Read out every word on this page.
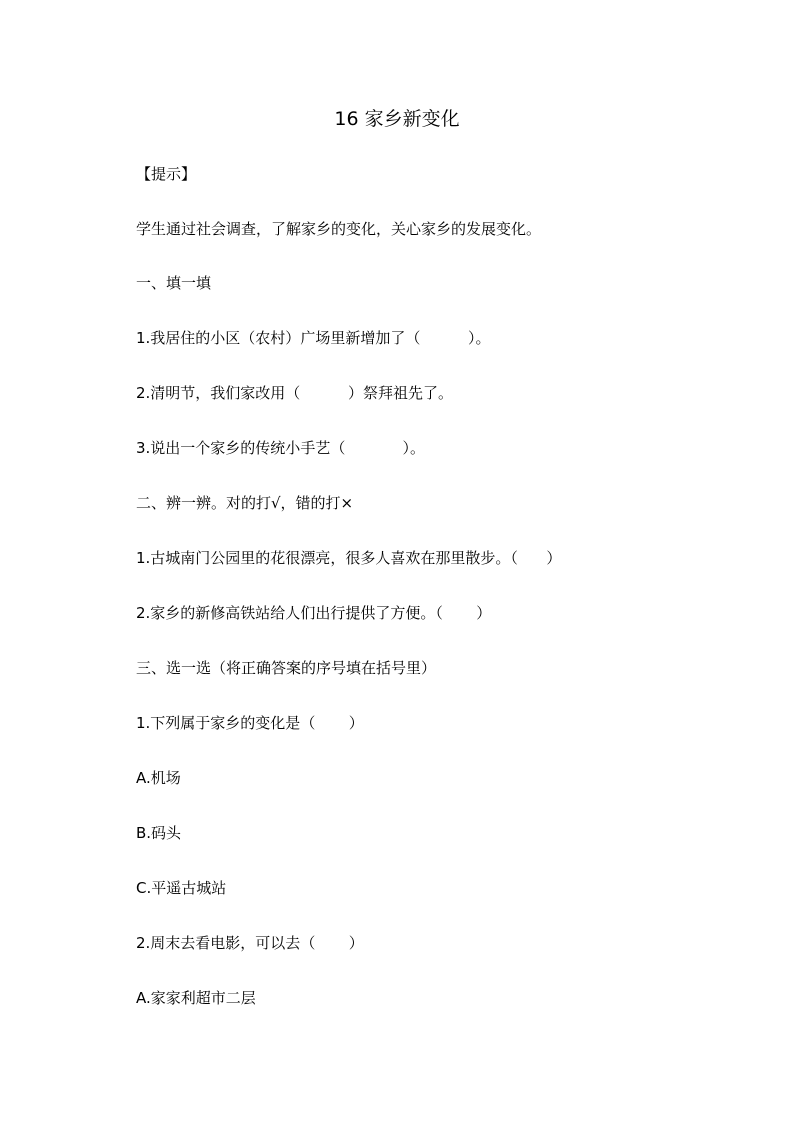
16 家乡新变化
【提示】
学生通过社会调查，了解家乡的变化，关心家乡的发展变化。
一、填一填
1.我居住的小区（农村）广场里新增加了（          ）。
2.清明节，我们家改用（          ）祭拜祖先了。
3.说出一个家乡的传统小手艺（            ）。
二、辨一辨。对的打√，错的打×
1.古城南门公园里的花很漂亮，很多人喜欢在那里散步。（      ）
2.家乡的新修高铁站给人们出行提供了方便。（       ）
三、选一选（将正确答案的序号填在括号里）
1.下列属于家乡的变化是（       ）
A.机场
B.码头
C.平遥古城站
2.周末去看电影，可以去（       ）
A.家家利超市二层
